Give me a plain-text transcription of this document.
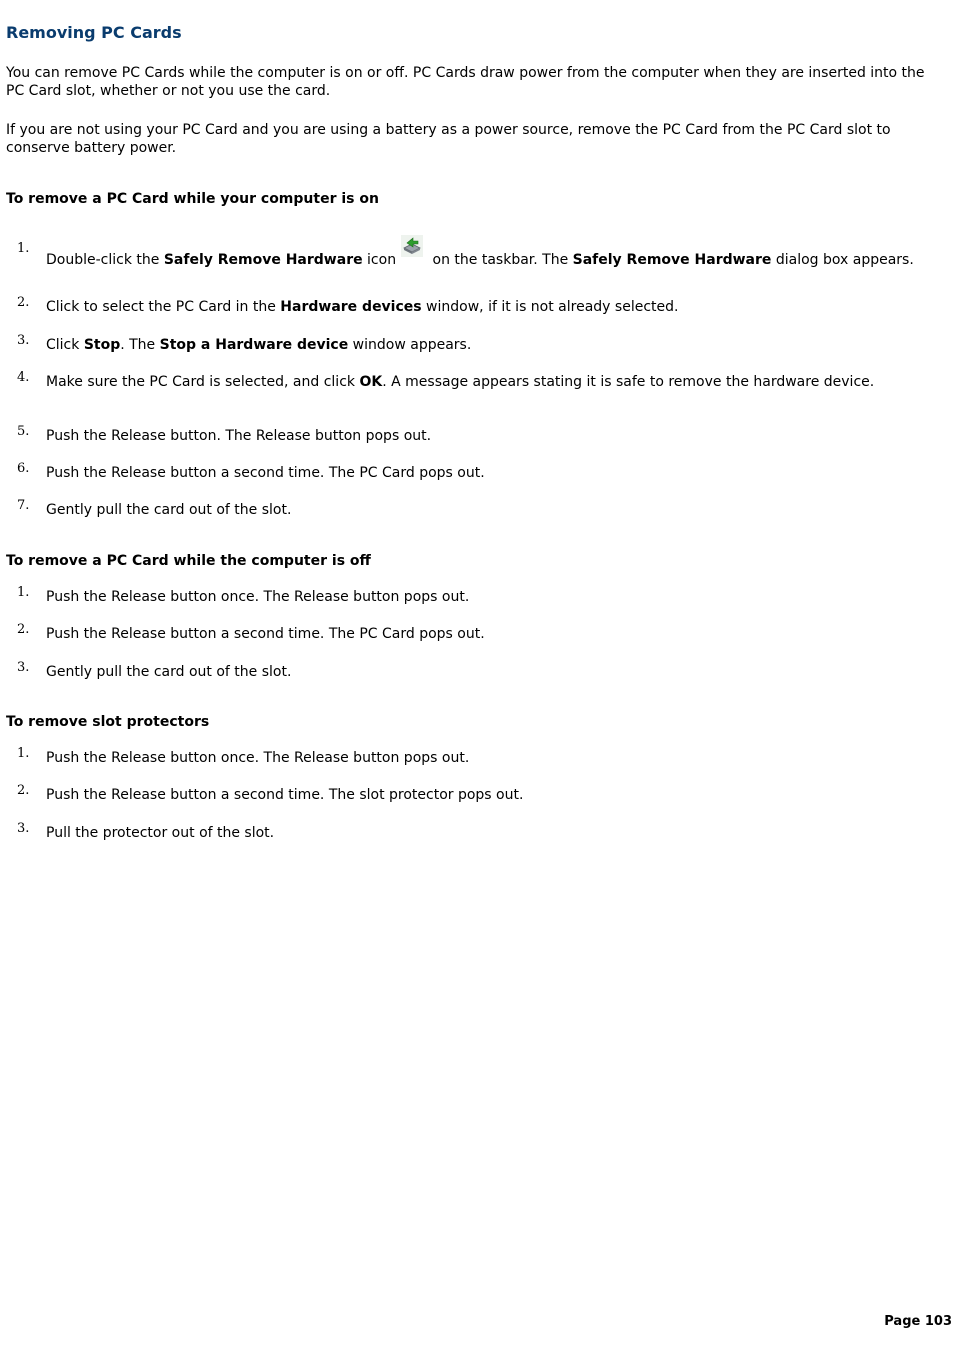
Removing PC Cards

You can remove PC Cards while the computer is on or off. PC Cards draw power from the computer when they are inserted into the PC Card slot, whether or not you use the card.

If you are not using your PC Card and you are using a battery as a power source, remove the PC Card from the PC Card slot to conserve battery power.

To remove a PC Card while your computer is on
1.
Double-click the Safely Remove Hardware icon on the taskbar. The Safely Remove Hardware dialog box appears.
2. Click to select the PC Card in the Hardware devices window, if it is not already selected.
3. Click Stop. The Stop a Hardware device window appears.
4. Make sure the PC Card is selected, and click OK. A message appears stating it is safe to remove the hardware device.
5. Push the Release button. The Release button pops out.
6. Push the Release button a second time. The PC Card pops out.
7. Gently pull the card out of the slot.
To remove a PC Card while the computer is off
1. Push the Release button once. The Release button pops out.
2. Push the Release button a second time. The PC Card pops out.
3. Gently pull the card out of the slot.
To remove slot protectors
1. Push the Release button once. The Release button pops out.
2. Push the Release button a second time. The slot protector pops out.
3. Pull the protector out of the slot.
Page 103
